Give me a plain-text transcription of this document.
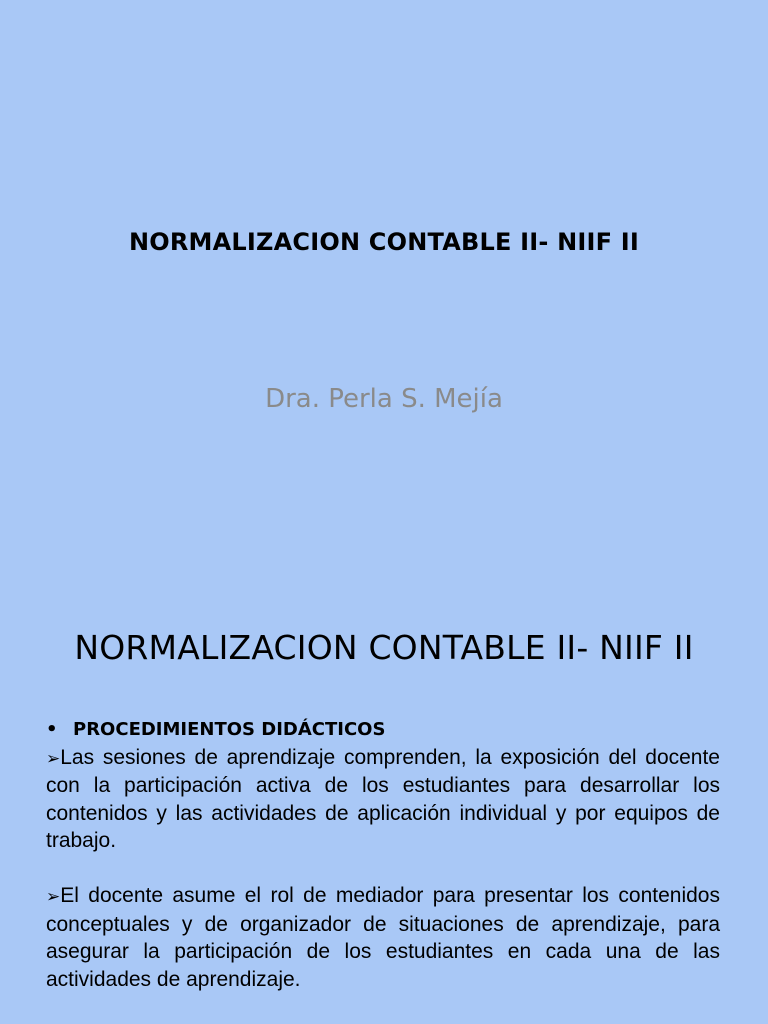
NORMALIZACION CONTABLE II- NIIF II
Dra. Perla S. Mejía
NORMALIZACION CONTABLE II- NIIF II
• PROCEDIMIENTOS DIDÁCTICOS

➢Las sesiones de aprendizaje comprenden, la exposición del docente con la participación activa de los estudiantes para desarrollar los contenidos y las actividades de aplicación individual y por equipos de trabajo.

➢El docente asume el rol de mediador para presentar los contenidos conceptuales y de organizador de situaciones de aprendizaje, para asegurar la participación de los estudiantes en cada una de las actividades de aprendizaje.
